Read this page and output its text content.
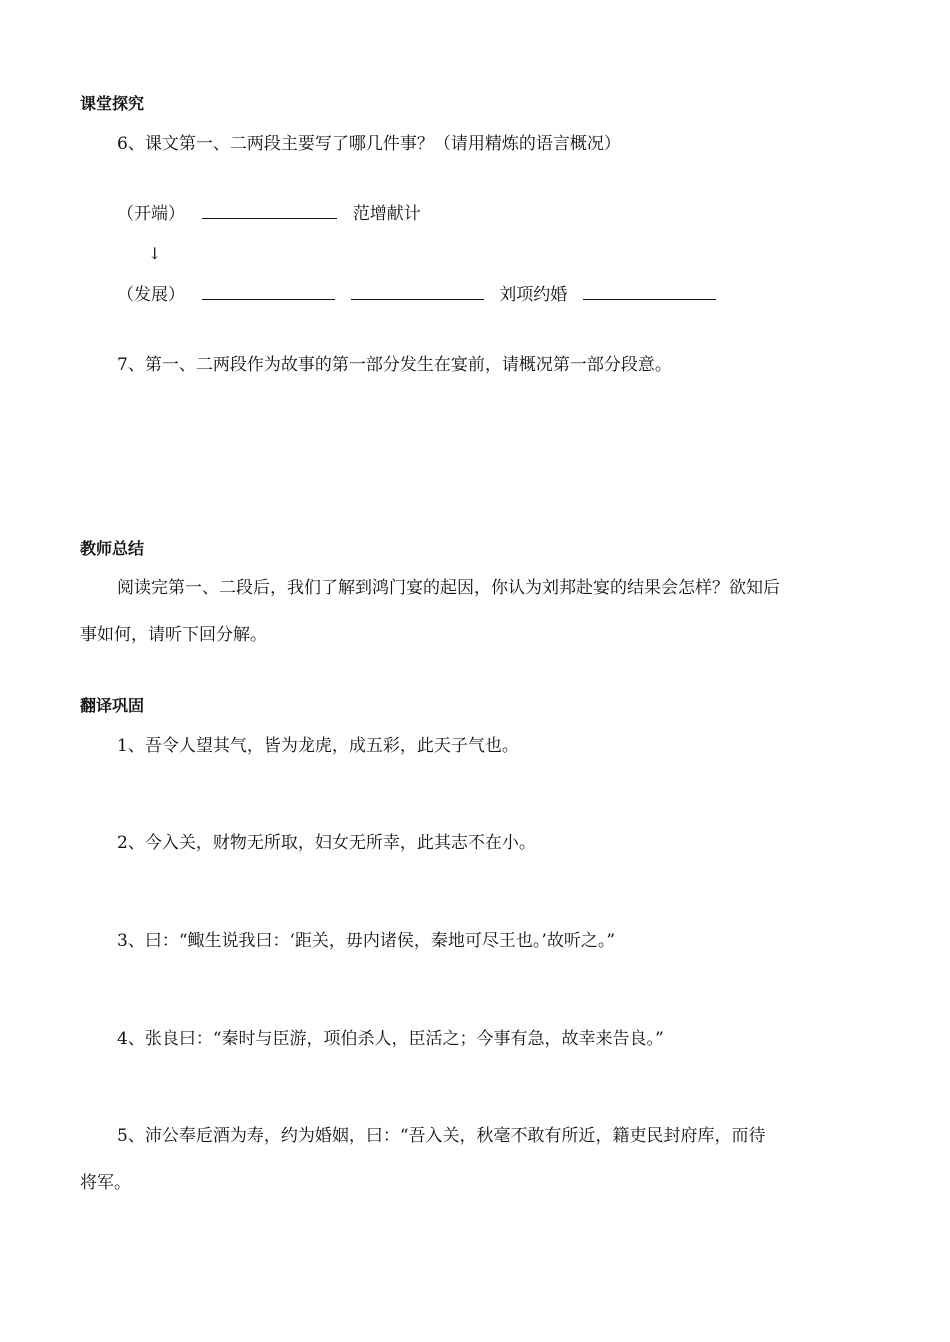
课堂探究
6、课文第一、二两段主要写了哪几件事？（请用精炼的语言概况）
（开端）	范增献计
↓
（发展）	刘项约婚
7、第一、二两段作为故事的第一部分发生在宴前，请概况第一部分段意。
教师总结
阅读完第一、二段后，我们了解到鸿门宴的起因，你认为刘邦赴宴的结果会怎样？欲知后
事如何，请听下回分解。
翻译巩固
1、吾令人望其气，皆为龙虎，成五彩，此天子气也。
2、今入关，财物无所取，妇女无所幸，此其志不在小。
3、曰：“鲰生说我曰：‘距关，毋内诸侯，秦地可尽王也。’故听之。”
4、张良曰：“秦时与臣游，项伯杀人，臣活之；今事有急，故幸来告良。”
5、沛公奉卮酒为寿，约为婚姻，曰：“吾入关，秋毫不敢有所近，籍吏民封府库，而待
将军。
